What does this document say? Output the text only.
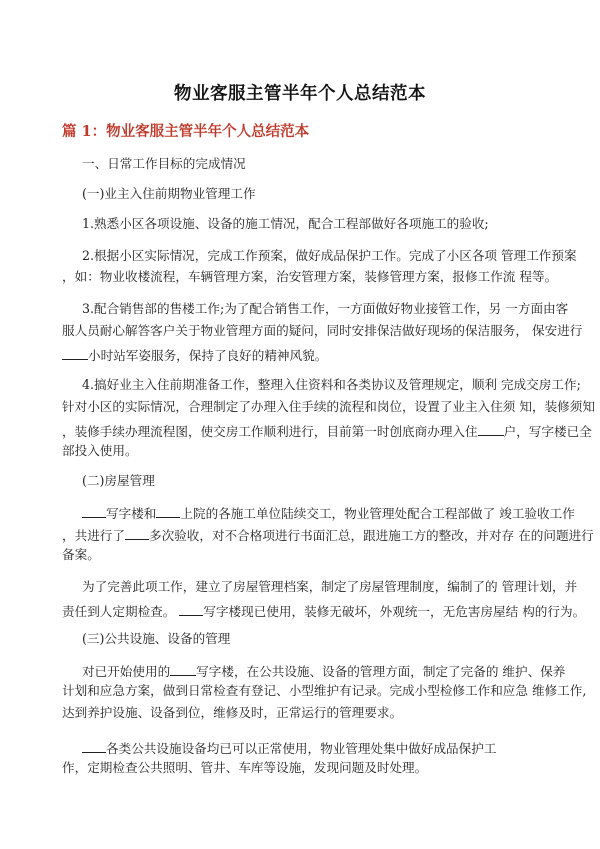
物业客服主管半年个人总结范本
篇 1：物业客服主管半年个人总结范本
一、日常工作目标的完成情况
(一)业主入住前期物业管理工作
1.熟悉小区各项设施、设备的施工情况，配合工程部做好各项施工的验收;
2.根据小区实际情况，完成工作预案，做好成品保护工作。完成了小区各项 管理工作预案
，如：物业收楼流程，车辆管理方案，治安管理方案，装修管理方案，报修工作流 程等。
3.配合销售部的售楼工作;为了配合销售工作，一方面做好物业接管工作，另 一方面由客
服人员耐心解答客户关于物业管理方面的疑问，同时安排保洁做好现场的保洁服务， 保安进行
小时站军姿服务，保持了良好的精神风貌。
4.搞好业主入住前期准备工作，整理入住资料和各类协议及管理规定，顺利 完成交房工作;
针对小区的实际情况，合理制定了办理入住手续的流程和岗位，设置了业主入住须 知，装修须知
，装修手续办理流程图，使交房工作顺利进行，目前第一时创底商办理入住 户，写字楼已全
部投入使用。
(二)房屋管理
写字楼和 上院的各施工单位陆续交工，物业管理处配合工程部做了 竣工验收工作
，共进行了 多次验收，对不合格项进行书面汇总，跟进施工方的整改，并对存 在的问题进行
备案。
为了完善此项工作，建立了房屋管理档案，制定了房屋管理制度，编制了的 管理计划，并
责任到人定期检查。 写字楼现已使用，装修无破坏，外观统一，无危害房屋结 构的行为。
(三)公共设施、设备的管理
对已开始使用的 写字楼，在公共设施、设备的管理方面，制定了完备的 维护、保养
计划和应急方案，做到日常检查有登记、小型维护有记录。完成小型检修工作和应急 维修工作,
达到养护设施、设备到位，维修及时，正常运行的管理要求。
各类公共设施设备均已可以正常使用，物业管理处集中做好成品保护工
作，定期检查公共照明、管井、车库等设施，发现问题及时处理。
